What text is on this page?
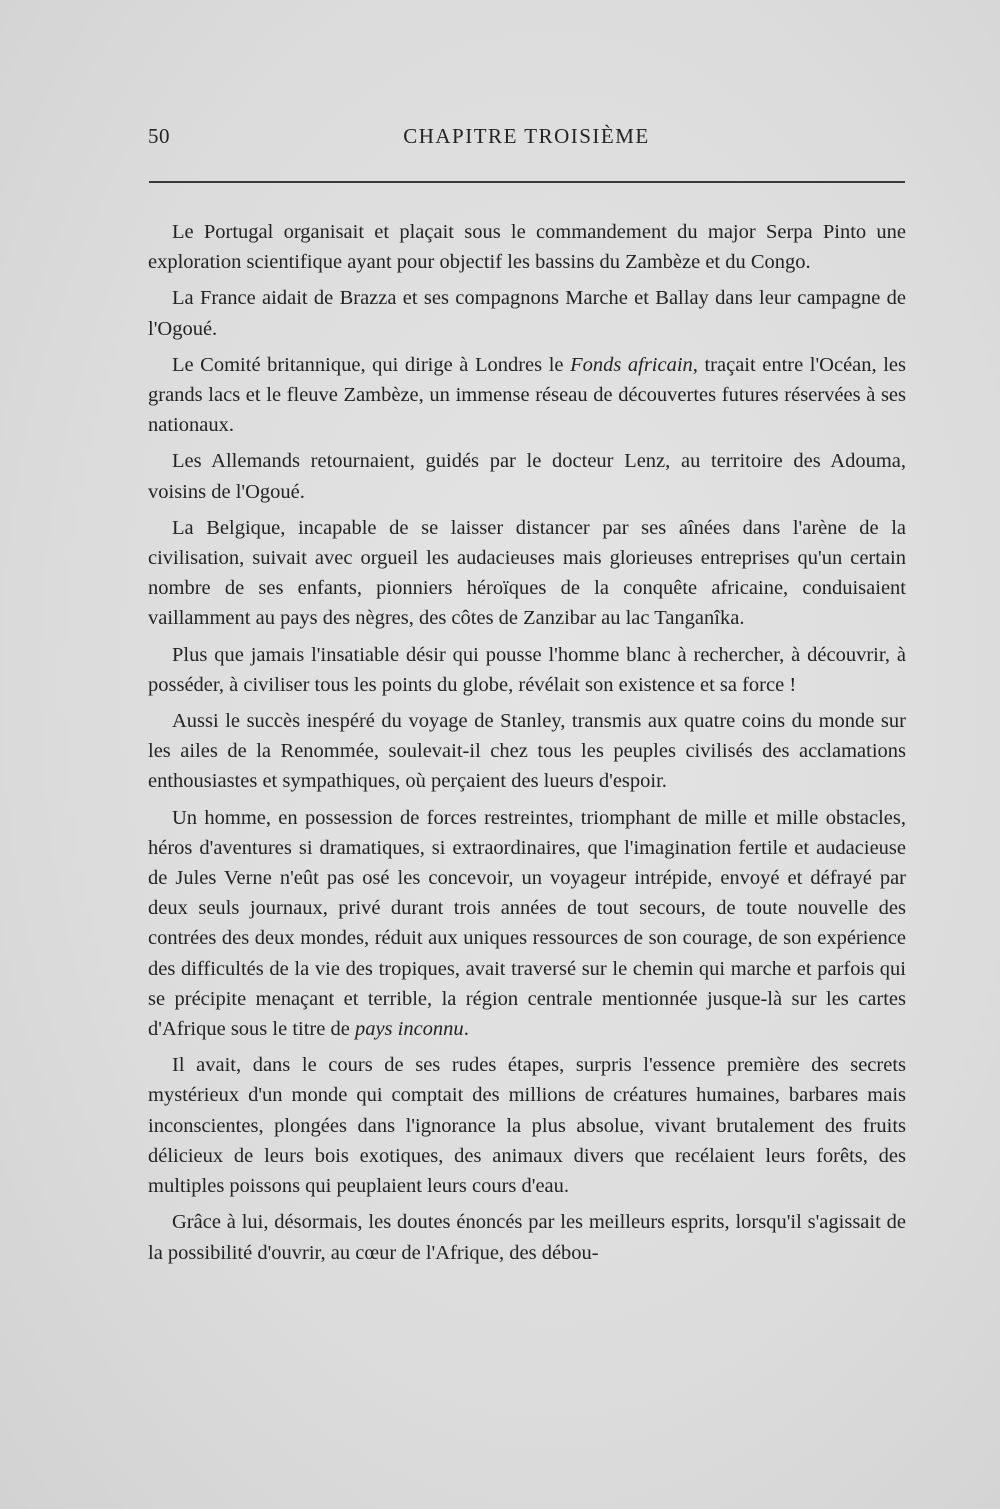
50	CHAPITRE TROISIÈME

Le Portugal organisait et plaçait sous le commandement du major Serpa Pinto une exploration scientifique ayant pour objectif les bassins du Zambèze et du Congo.

La France aidait de Brazza et ses compagnons Marche et Ballay dans leur campagne de l'Ogoué.

Le Comité britannique, qui dirige à Londres le Fonds africain, traçait entre l'Océan, les grands lacs et le fleuve Zambèze, un immense réseau de découvertes futures réservées à ses nationaux.

Les Allemands retournaient, guidés par le docteur Lenz, au territoire des Adouma, voisins de l'Ogoué.

La Belgique, incapable de se laisser distancer par ses aînées dans l'arène de la civilisation, suivait avec orgueil les audacieuses mais glorieuses entreprises qu'un certain nombre de ses enfants, pionniers héroïques de la conquête africaine, conduisaient vaillamment au pays des nègres, des côtes de Zanzibar au lac Tanganîka.

Plus que jamais l'insatiable désir qui pousse l'homme blanc à rechercher, à découvrir, à posséder, à civiliser tous les points du globe, révélait son existence et sa force !

Aussi le succès inespéré du voyage de Stanley, transmis aux quatre coins du monde sur les ailes de la Renommée, soulevait-il chez tous les peuples civilisés des acclamations enthousiastes et sympathiques, où perçaient des lueurs d'espoir.

Un homme, en possession de forces restreintes, triomphant de mille et mille obstacles, héros d'aventures si dramatiques, si extraordinaires, que l'imagination fertile et audacieuse de Jules Verne n'eût pas osé les concevoir, un voyageur intrépide, envoyé et défrayé par deux seuls journaux, privé durant trois années de tout secours, de toute nouvelle des contrées des deux mondes, réduit aux uniques ressources de son courage, de son expérience des difficultés de la vie des tropiques, avait traversé sur le chemin qui marche et parfois qui se précipite menaçant et terrible, la région centrale mentionnée jusque-là sur les cartes d'Afrique sous le titre de pays inconnu.

Il avait, dans le cours de ses rudes étapes, surpris l'essence première des secrets mystérieux d'un monde qui comptait des millions de créatures humaines, barbares mais inconscientes, plongées dans l'ignorance la plus absolue, vivant brutalement des fruits délicieux de leurs bois exotiques, des animaux divers que recélaient leurs forêts, des multiples poissons qui peuplaient leurs cours d'eau.

Grâce à lui, désormais, les doutes énoncés par les meilleurs esprits, lorsqu'il s'agissait de la possibilité d'ouvrir, au cœur de l'Afrique, des débou-
